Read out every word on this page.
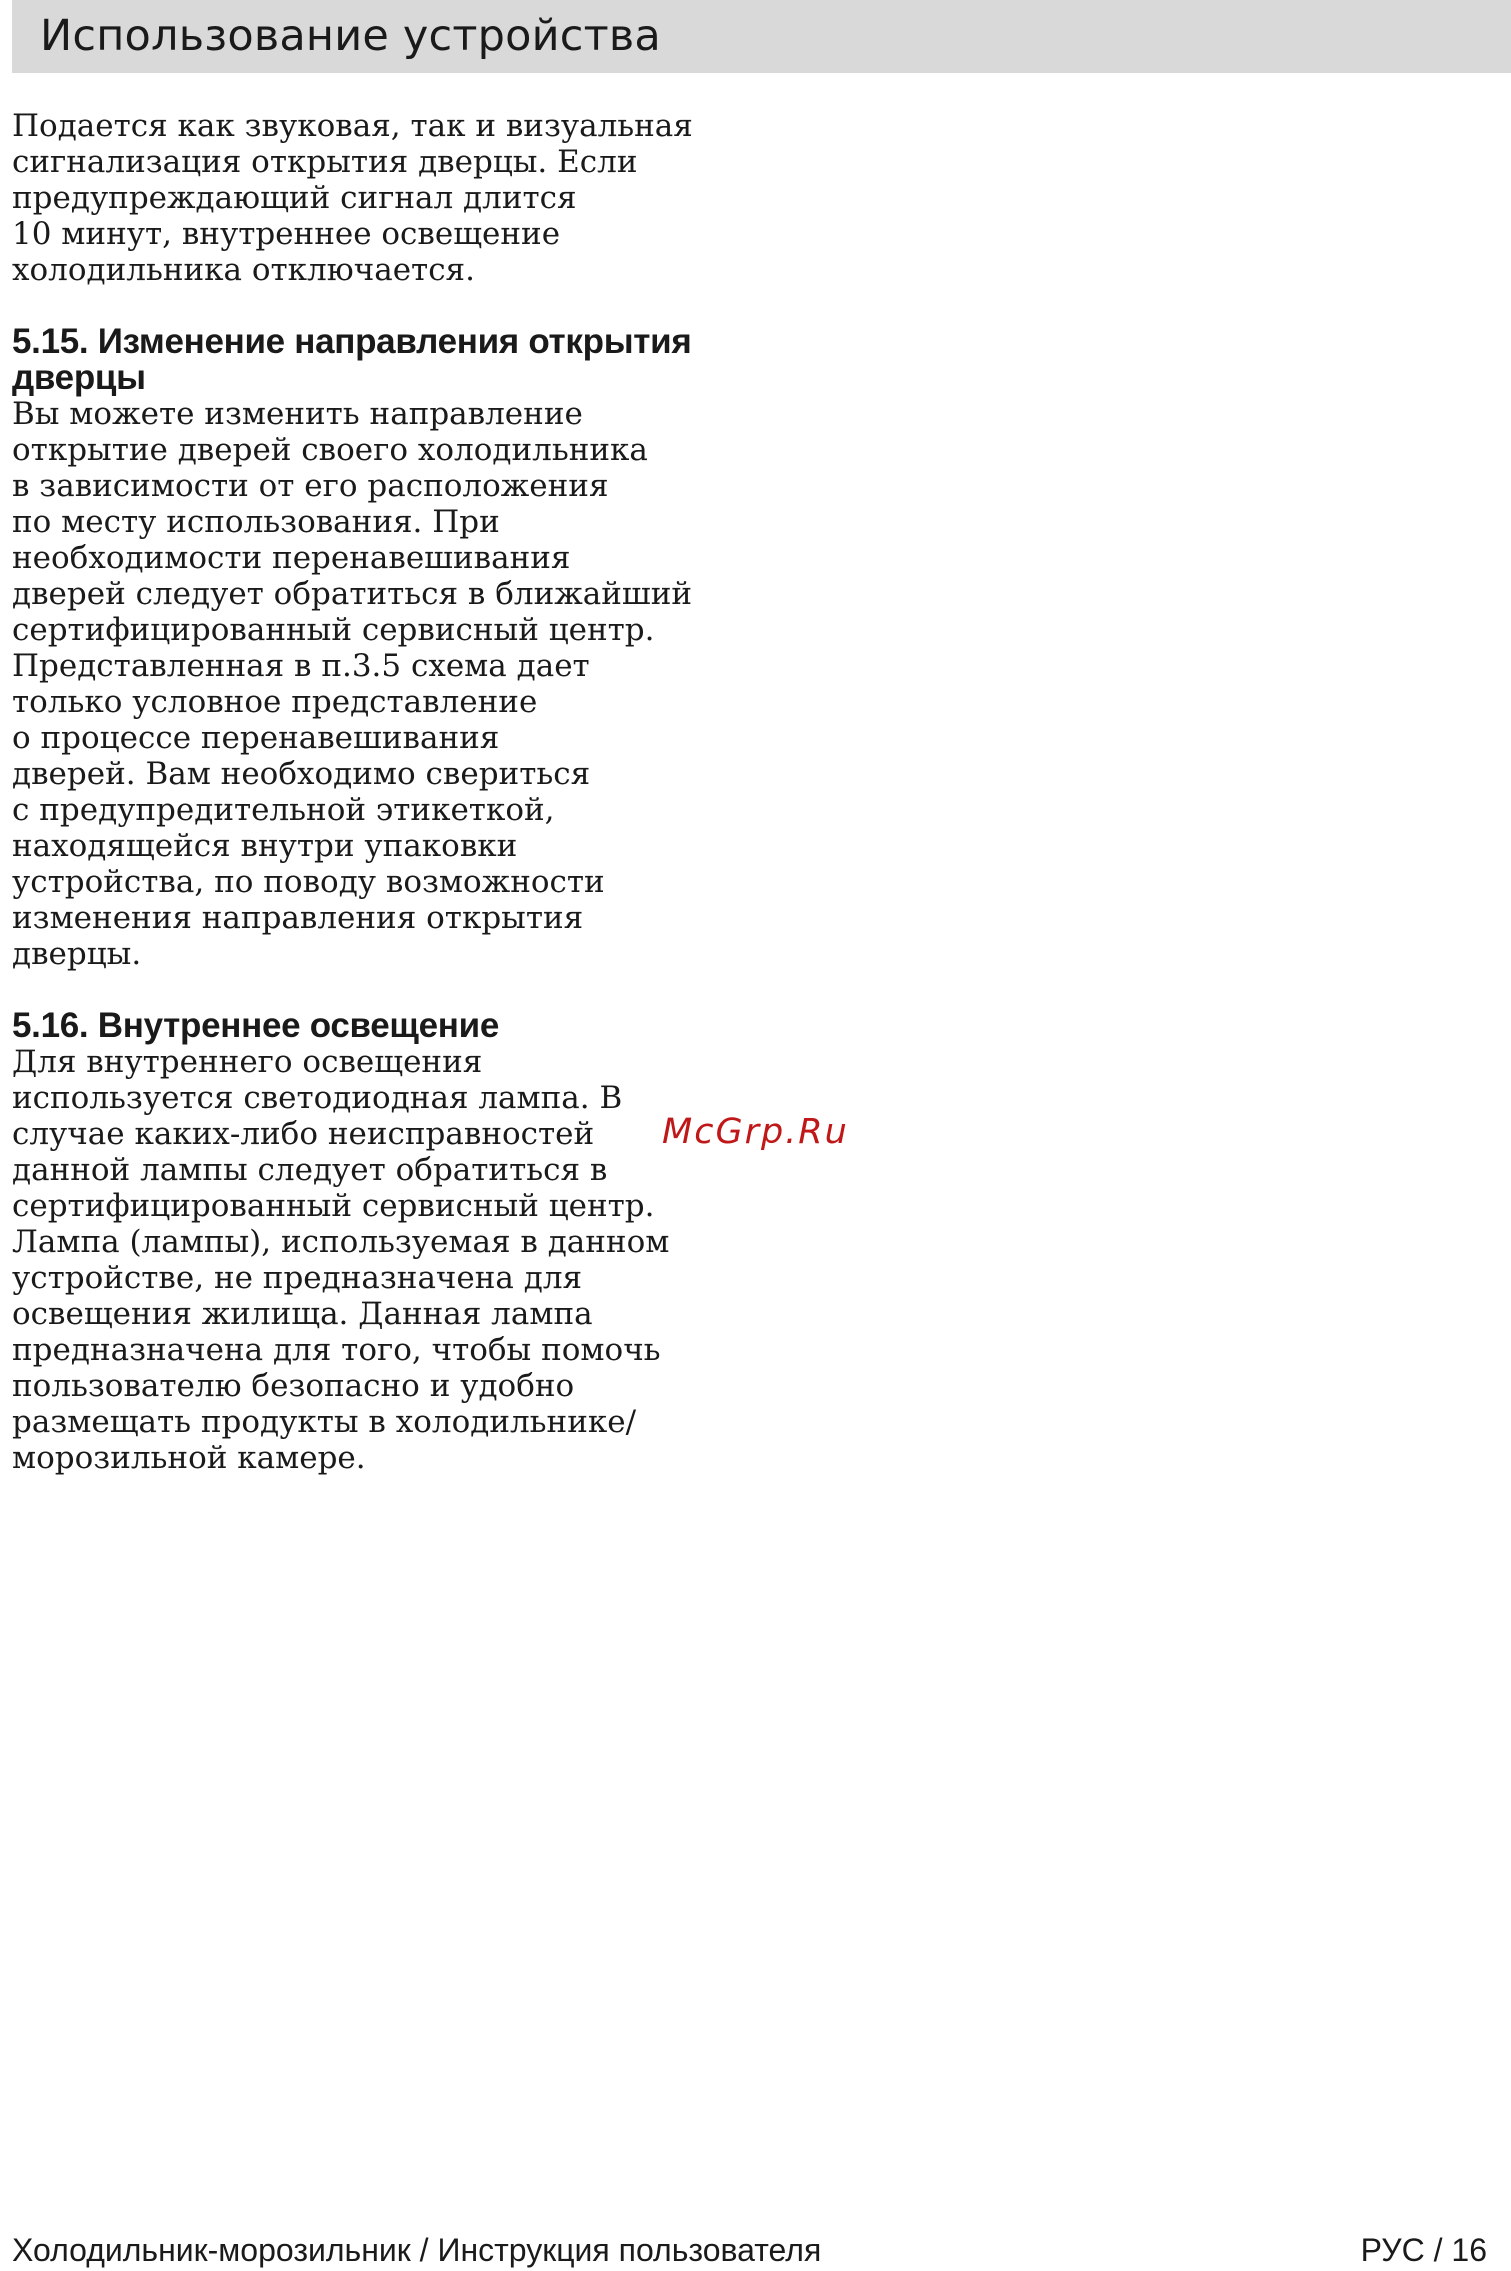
Использование устройства

Подается как звуковая, так и визуальная
сигнализация открытия дверцы. Если
предупреждающий сигнал длится
10 минут, внутреннее освещение
холодильника отключается.

5.15. Изменение направления открытия
дверцы

Вы можете изменить направление
открытие дверей своего холодильника
в зависимости от его расположения
по месту использования. При
необходимости перенавешивания
дверей следует обратиться в ближайший
сертифицированный сервисный центр.
Представленная в п.3.5 схема дает
только условное представление
о процессе перенавешивания
дверей. Вам необходимо свериться
с предупредительной этикеткой,
находящейся внутри упаковки
устройства, по поводу возможности
изменения направления открытия
дверцы.

5.16. Внутреннее освещение

Для внутреннего освещения
используется светодиодная лампа. В
случае каких-либо неисправностей
данной лампы следует обратиться в
сертифицированный сервисный центр.
Лампа (лампы), используемая в данном
устройстве, не предназначена для
освещения жилища. Данная лампа
предназначена для того, чтобы помочь
пользователю безопасно и удобно
размещать продукты в холодильнике/
морозильной камере.

McGrp.Ru
Холодильник-морозильник / Инструкция пользователя	РУС / 16
